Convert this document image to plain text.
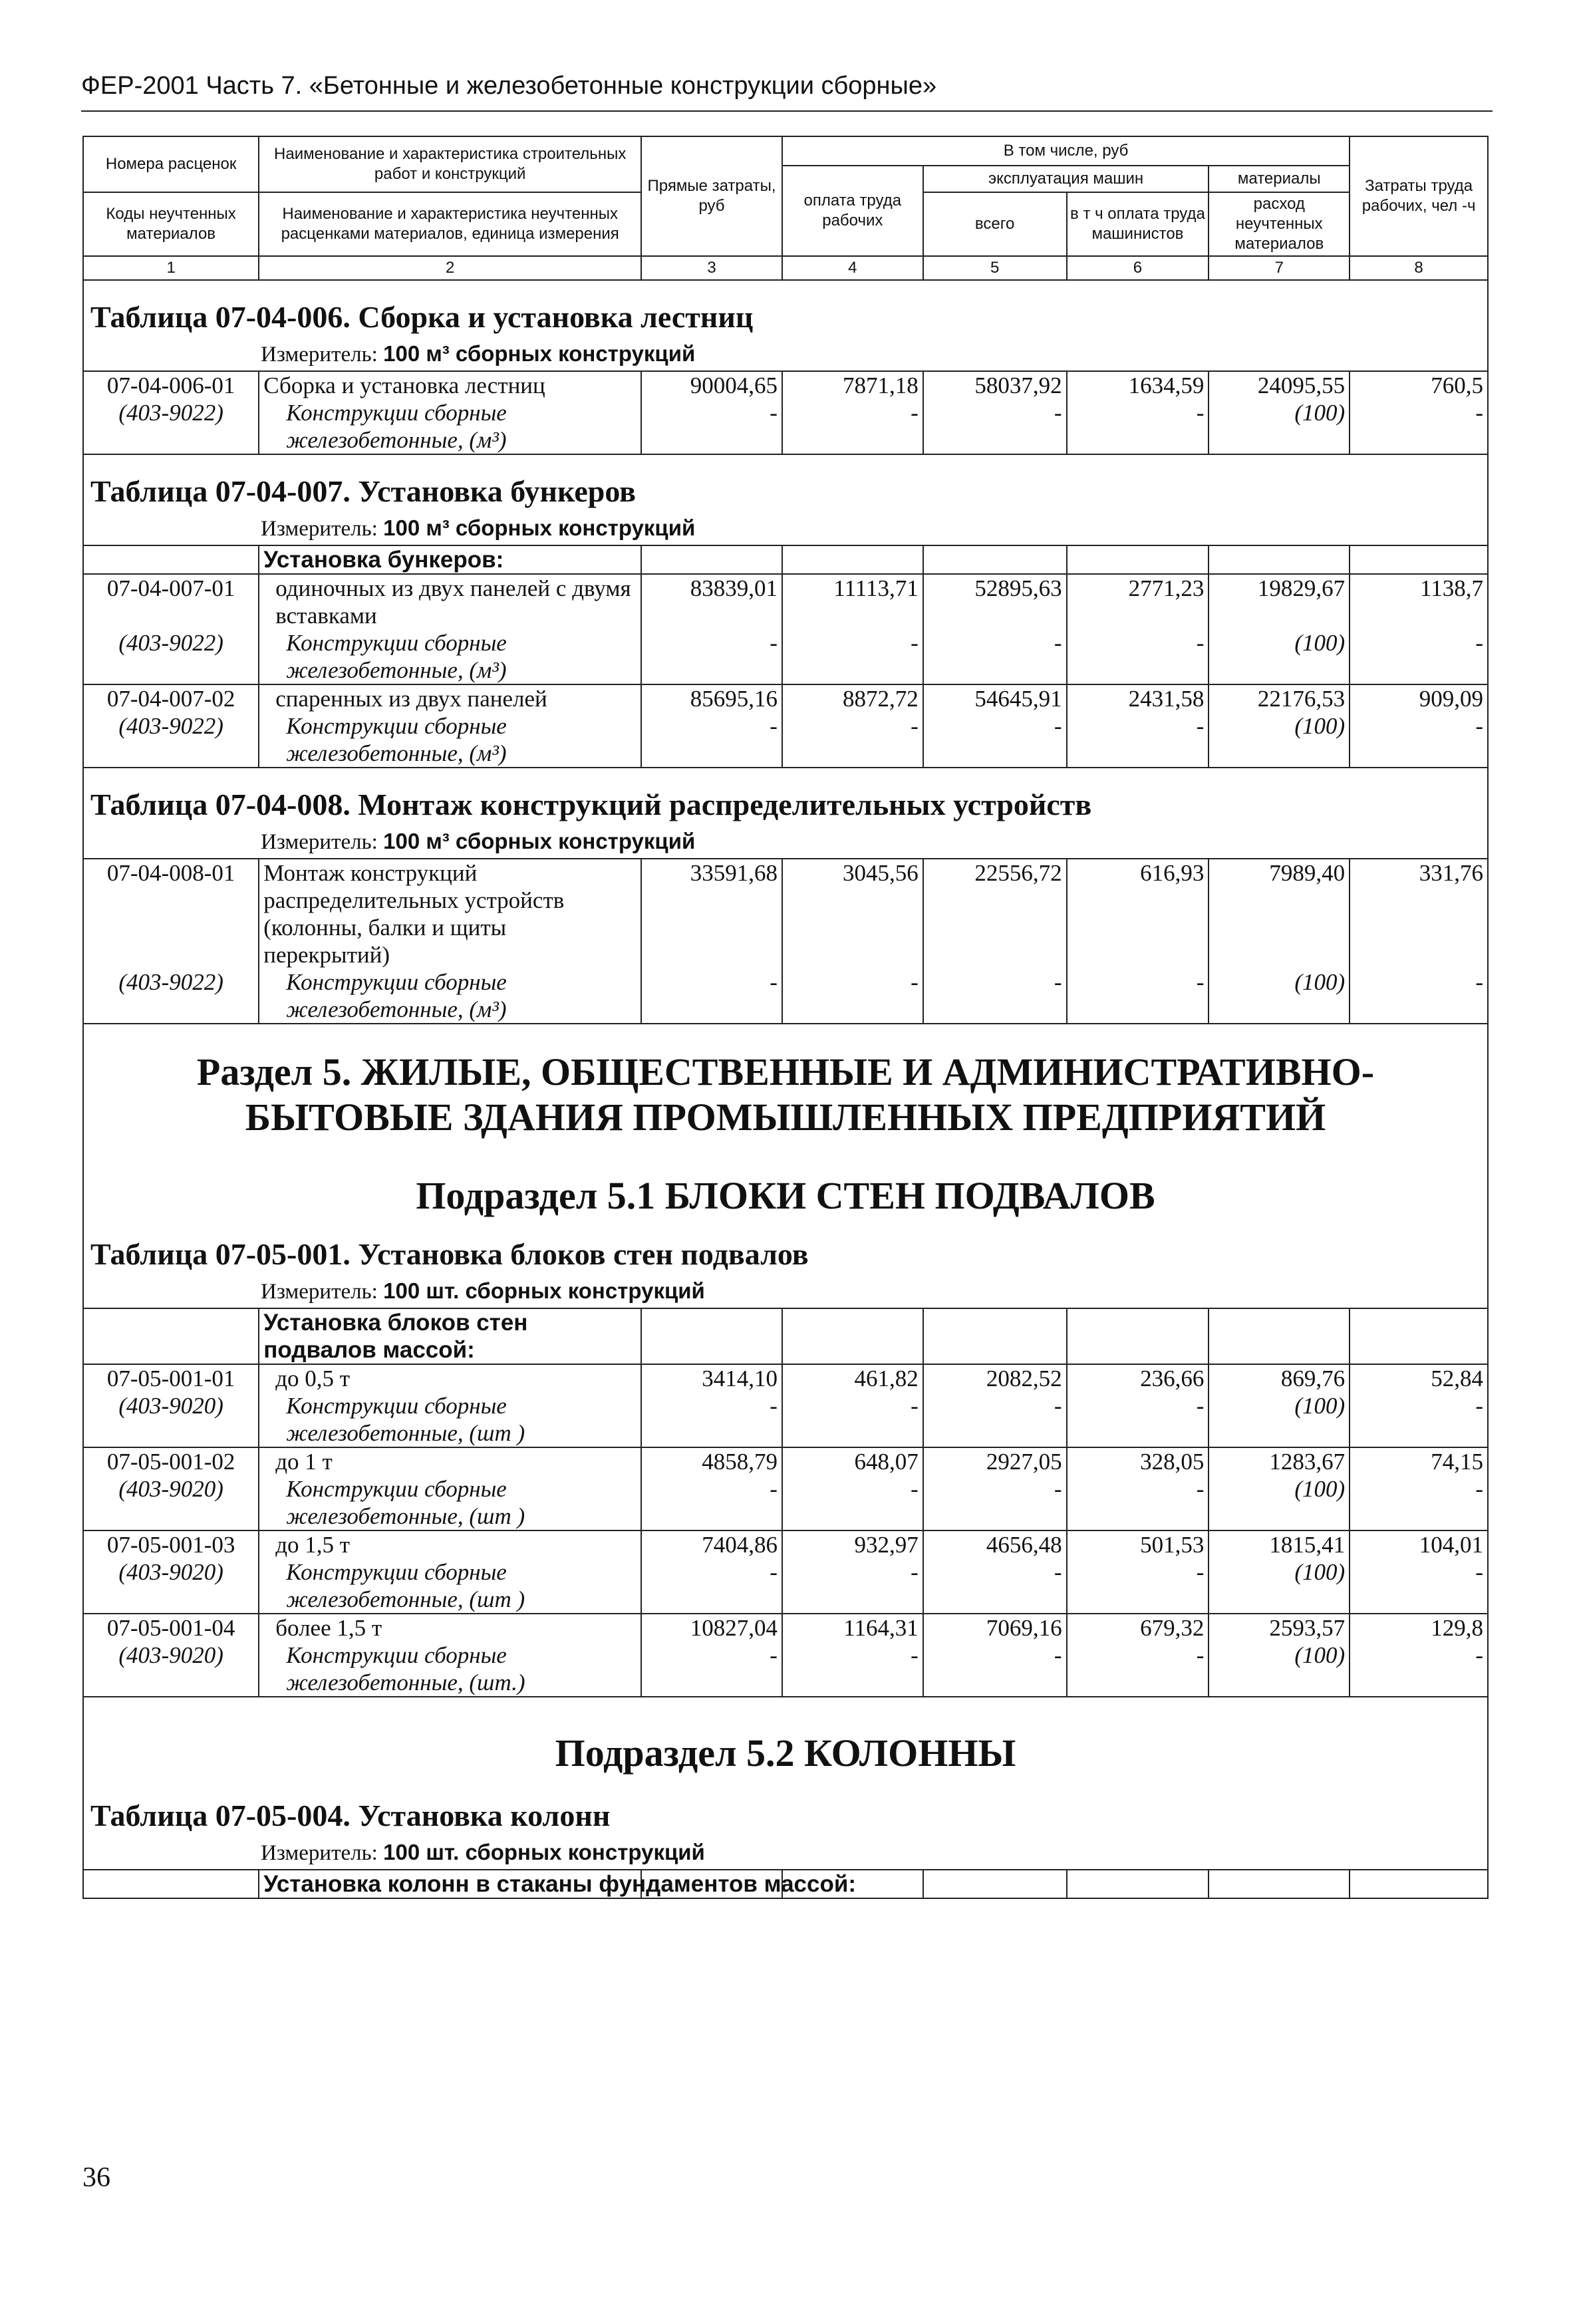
ФЕР-2001 Часть 7. «Бетонные и железобетонные конструкции сборные»
Номера расценок	Наименование и характеристика строительных работ и конструкций	Прямые затраты, руб	В том числе, руб				Затраты труда рабочих, чел -ч
			оплата труда рабочих	эксплуатация машин		материалы	
Коды неучтенных материалов	Наименование и характеристика неучтенных расценками материалов, единица измерения			всего	в т ч оплата труда машинистов	расход неучтенных материалов	

1	2	3	4	5	6	7	8
Таблица 07-04-006. Сборка и установка лестниц
Измеритель: 100 м³ сборных конструкций
07-04-006-01	Сборка и установка лестниц	90004,65	7871,18	58037,92	1634,59	24095,55	760,5
(403-9022)	Конструкции сборные железобетонные, (м³)	-	-	-	-	(100)	-
Таблица 07-04-007. Установка бункеров
Измеритель: 100 м³ сборных конструкций
	Установка бункеров:						
07-04-007-01	одиночных из двух панелей с двумя вставками	83839,01	11113,71	52895,63	2771,23	19829,67	1138,7
(403-9022)	Конструкции сборные железобетонные, (м³)	-	-	-	-	(100)	-
07-04-007-02	спаренных из двух панелей	85695,16	8872,72	54645,91	2431,58	22176,53	909,09
(403-9022)	Конструкции сборные железобетонные, (м³)	-	-	-	-	(100)	-
Таблица 07-04-008. Монтаж конструкций распределительных устройств
Измеритель: 100 м³ сборных конструкций
07-04-008-01	Монтаж конструкций распределительных устройств (колонны, балки и щиты перекрытий)	33591,68	3045,56	22556,72	616,93	7989,40	331,76
(403-9022)	Конструкции сборные железобетонные, (м³)	-	-	-	-	(100)	-
Раздел 5. ЖИЛЫЕ, ОБЩЕСТВЕННЫЕ И АДМИНИСТРАТИВНО-
БЫТОВЫЕ ЗДАНИЯ ПРОМЫШЛЕННЫХ ПРЕДПРИЯТИЙ
Подраздел 5.1 БЛОКИ СТЕН ПОДВАЛОВ
Таблица 07-05-001. Установка блоков стен подвалов
Измеритель: 100 шт. сборных конструкций
	Установка блоков стен подвалов массой:						
07-05-001-01	до 0,5 т	3414,10	461,82	2082,52	236,66	869,76	52,84
(403-9020)	Конструкции сборные железобетонные, (шт )	-	-	-	-	(100)	-
07-05-001-02	до 1 т	4858,79	648,07	2927,05	328,05	1283,67	74,15
(403-9020)	Конструкции сборные железобетонные, (шт )	-	-	-	-	(100)	-
07-05-001-03	до 1,5 т	7404,86	932,97	4656,48	501,53	1815,41	104,01
(403-9020)	Конструкции сборные железобетонные, (шт )	-	-	-	-	(100)	-
07-05-001-04	более 1,5 т	10827,04	1164,31	7069,16	679,32	2593,57	129,8
(403-9020)	Конструкции сборные железобетонные, (шт.)	-	-	-	-	(100)	-
Подраздел 5.2 КОЛОННЫ
Таблица 07-05-004. Установка колонн
Измеритель: 100 шт. сборных конструкций
	Установка колонн в стаканы фундаментов массой:						
36
